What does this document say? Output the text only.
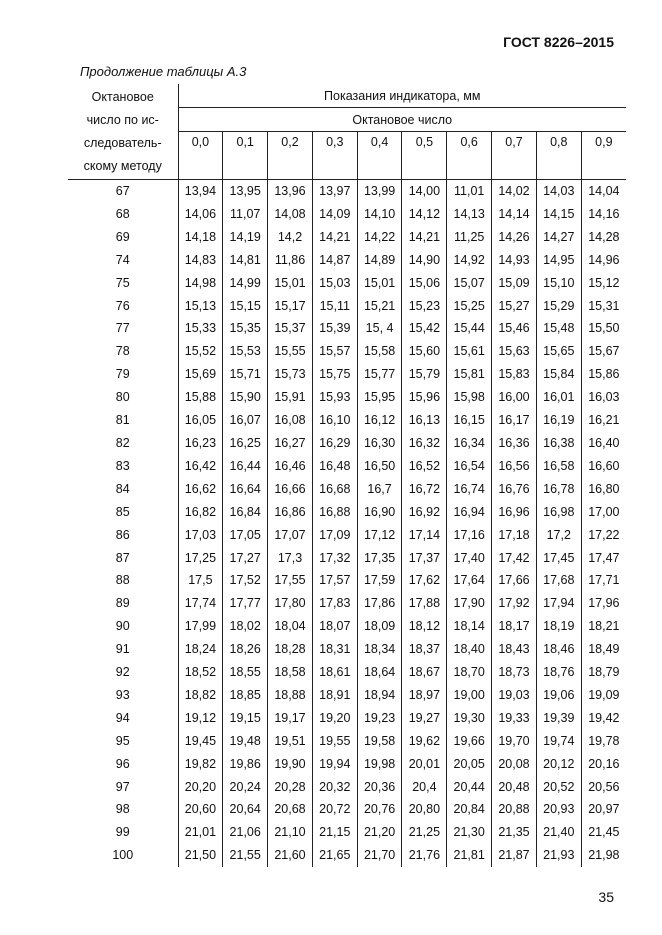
ГОСТ 8226–2015
Продолжение таблицы А.3
Октановое
число по ис-
следователь-
скому методу	Показания индикатора, мм									
	Октановое число									
	0,0	0,1	0,2	0,3	0,4	0,5	0,6	0,7	0,8	0,9

67	13,94	13,95	13,96	13,97	13,99	14,00	11,01	14,02	14,03	14,04
68	14,06	11,07	14,08	14,09	14,10	14,12	14,13	14,14	14,15	14,16
69	14,18	14,19	14,2	14,21	14,22	14,21	11,25	14,26	14,27	14,28
74	14,83	14,81	11,86	14,87	14,89	14,90	14,92	14,93	14,95	14,96
75	14,98	14,99	15,01	15,03	15,01	15,06	15,07	15,09	15,10	15,12
76	15,13	15,15	15,17	15,11	15,21	15,23	15,25	15,27	15,29	15,31
77	15,33	15,35	15,37	15,39	15, 4	15,42	15,44	15,46	15,48	15,50
78	15,52	15,53	15,55	15,57	15,58	15,60	15,61	15,63	15,65	15,67
79	15,69	15,71	15,73	15,75	15,77	15,79	15,81	15,83	15,84	15,86
80	15,88	15,90	15,91	15,93	15,95	15,96	15,98	16,00	16,01	16,03
81	16,05	16,07	16,08	16,10	16,12	16,13	16,15	16,17	16,19	16,21
82	16,23	16,25	16,27	16,29	16,30	16,32	16,34	16,36	16,38	16,40
83	16,42	16,44	16,46	16,48	16,50	16,52	16,54	16,56	16,58	16,60
84	16,62	16,64	16,66	16,68	16,7	16,72	16,74	16,76	16,78	16,80
85	16,82	16,84	16,86	16,88	16,90	16,92	16,94	16,96	16,98	17,00
86	17,03	17,05	17,07	17,09	17,12	17,14	17,16	17,18	17,2	17,22
87	17,25	17,27	17,3	17,32	17,35	17,37	17,40	17,42	17,45	17,47
88	17,5	17,52	17,55	17,57	17,59	17,62	17,64	17,66	17,68	17,71
89	17,74	17,77	17,80	17,83	17,86	17,88	17,90	17,92	17,94	17,96
90	17,99	18,02	18,04	18,07	18,09	18,12	18,14	18,17	18,19	18,21
91	18,24	18,26	18,28	18,31	18,34	18,37	18,40	18,43	18,46	18,49
92	18,52	18,55	18,58	18,61	18,64	18,67	18,70	18,73	18,76	18,79
93	18,82	18,85	18,88	18,91	18,94	18,97	19,00	19,03	19,06	19,09
94	19,12	19,15	19,17	19,20	19,23	19,27	19,30	19,33	19,39	19,42
95	19,45	19,48	19,51	19,55	19,58	19,62	19,66	19,70	19,74	19,78
96	19,82	19,86	19,90	19,94	19,98	20,01	20,05	20,08	20,12	20,16
97	20,20	20,24	20,28	20,32	20,36	20,4	20,44	20,48	20,52	20,56
98	20,60	20,64	20,68	20,72	20,76	20,80	20,84	20,88	20,93	20,97
99	21,01	21,06	21,10	21,15	21,20	21,25	21,30	21,35	21,40	21,45
100	21,50	21,55	21,60	21,65	21,70	21,76	21,81	21,87	21,93	21,98
35
